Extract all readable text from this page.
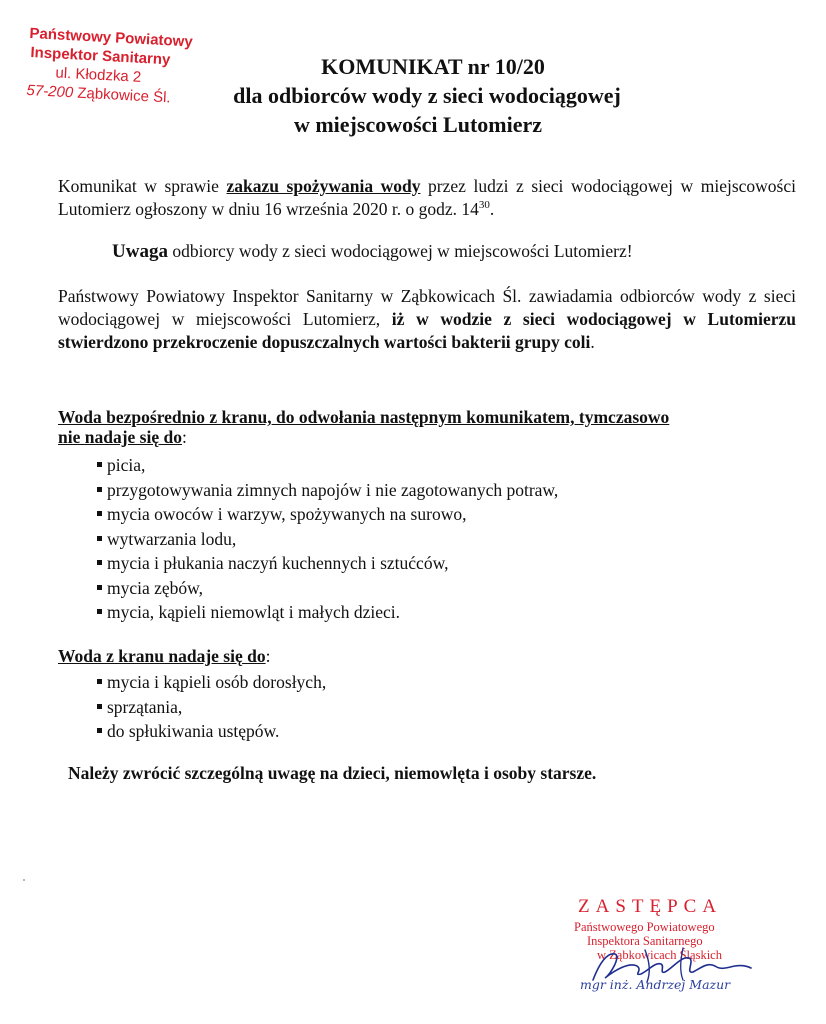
Państwowy Powiatowy
Inspektor Sanitarny
ul. Kłodzka 2
57-200 Ząbkowice Śl.
KOMUNIKAT nr 10/20
dla odbiorców wody z sieci wodociągowej
w miejscowości Lutomierz
Komunikat w sprawie zakazu spożywania wody przez ludzi z sieci wodociągowej w miejscowości Lutomierz ogłoszony w dniu 16 września 2020 r. o godz. $14^{30}$.
Uwaga odbiorcy wody z sieci wodociągowej w miejscowości Lutomierz!
Państwowy Powiatowy Inspektor Sanitarny w Ząbkowicach Śl. zawiadamia odbiorców wody z sieci wodociągowej w miejscowości Lutomierz, iż w wodzie z sieci wodociągowej w Lutomierzu stwierdzono przekroczenie dopuszczalnych wartości bakterii grupy coli.
Woda bezpośrednio z kranu, do odwołania następnym komunikatem, tymczasowo
nie nadaje się do:
picia,
przygotowywania zimnych napojów i nie zagotowanych potraw,
mycia owoców i warzyw, spożywanych na surowo,
wytwarzania lodu,
mycia i płukania naczyń kuchennych i sztućców,
mycia zębów,
mycia, kąpieli niemowląt i małych dzieci.
Woda z kranu nadaje się do:
mycia i kąpieli osób dorosłych,
sprzątania,
do spłukiwania ustępów.
Należy zwrócić szczególną uwagę na dzieci, niemowlęta i osoby starsze.
ZASTĘPCA
Państwowego Powiatowego
Inspektora Sanitarnego
w Ząbkowicach Śląskich
mgr inż. Andrzej Mazur
